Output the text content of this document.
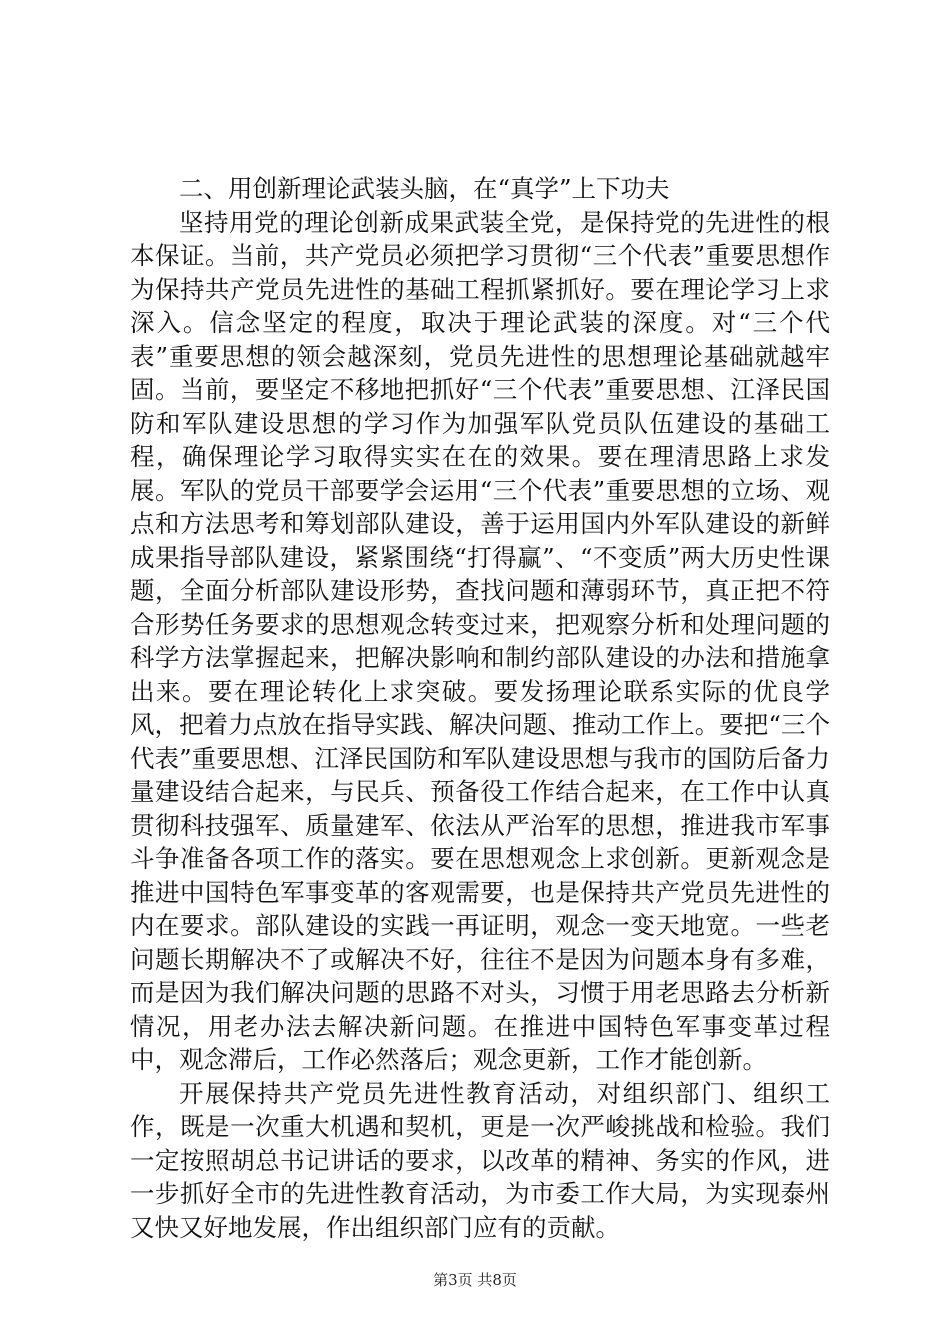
二、用创新理论武装头脑，在“真学”上下功夫

坚持用党的理论创新成果武装全党，是保持党的先进性的根本保证。当前，共产党员必须把学习贯彻“三个代表”重要思想作为保持共产党员先进性的基础工程抓紧抓好。要在理论学习上求深入。信念坚定的程度，取决于理论武装的深度。对“三个代表”重要思想的领会越深刻，党员先进性的思想理论基础就越牢固。当前，要坚定不移地把抓好“三个代表”重要思想、江泽民国防和军队建设思想的学习作为加强军队党员队伍建设的基础工程，确保理论学习取得实实在在的效果。要在理清思路上求发展。军队的党员干部要学会运用“三个代表”重要思想的立场、观点和方法思考和筹划部队建设，善于运用国内外军队建设的新鲜成果指导部队建设，紧紧围绕“打得赢”、“不变质”两大历史性课题，全面分析部队建设形势，查找问题和薄弱环节，真正把不符合形势任务要求的思想观念转变过来，把观察分析和处理问题的科学方法掌握起来，把解决影响和制约部队建设的办法和措施拿出来。要在理论转化上求突破。要发扬理论联系实际的优良学风，把着力点放在指导实践、解决问题、推动工作上。要把“三个代表”重要思想、江泽民国防和军队建设思想与我市的国防后备力量建设结合起来，与民兵、预备役工作结合起来，在工作中认真贯彻科技强军、质量建军、依法从严治军的思想，推进我市军事斗争准备各项工作的落实。要在思想观念上求创新。更新观念是推进中国特色军事变革的客观需要，也是保持共产党员先进性的内在要求。部队建设的实践一再证明，观念一变天地宽。一些老问题长期解决不了或解决不好，往往不是因为问题本身有多难，而是因为我们解决问题的思路不对头，习惯于用老思路去分析新情况，用老办法去解决新问题。在推进中国特色军事变革过程中，观念滞后，工作必然落后；观念更新，工作才能创新。

开展保持共产党员先进性教育活动，对组织部门、组织工作，既是一次重大机遇和契机，更是一次严峻挑战和检验。我们一定按照胡总书记讲话的要求，以改革的精神、务实的作风，进一步抓好全市的先进性教育活动，为市委工作大局，为实现泰州又快又好地发展，作出组织部门应有的贡献。

第3页 共8页
